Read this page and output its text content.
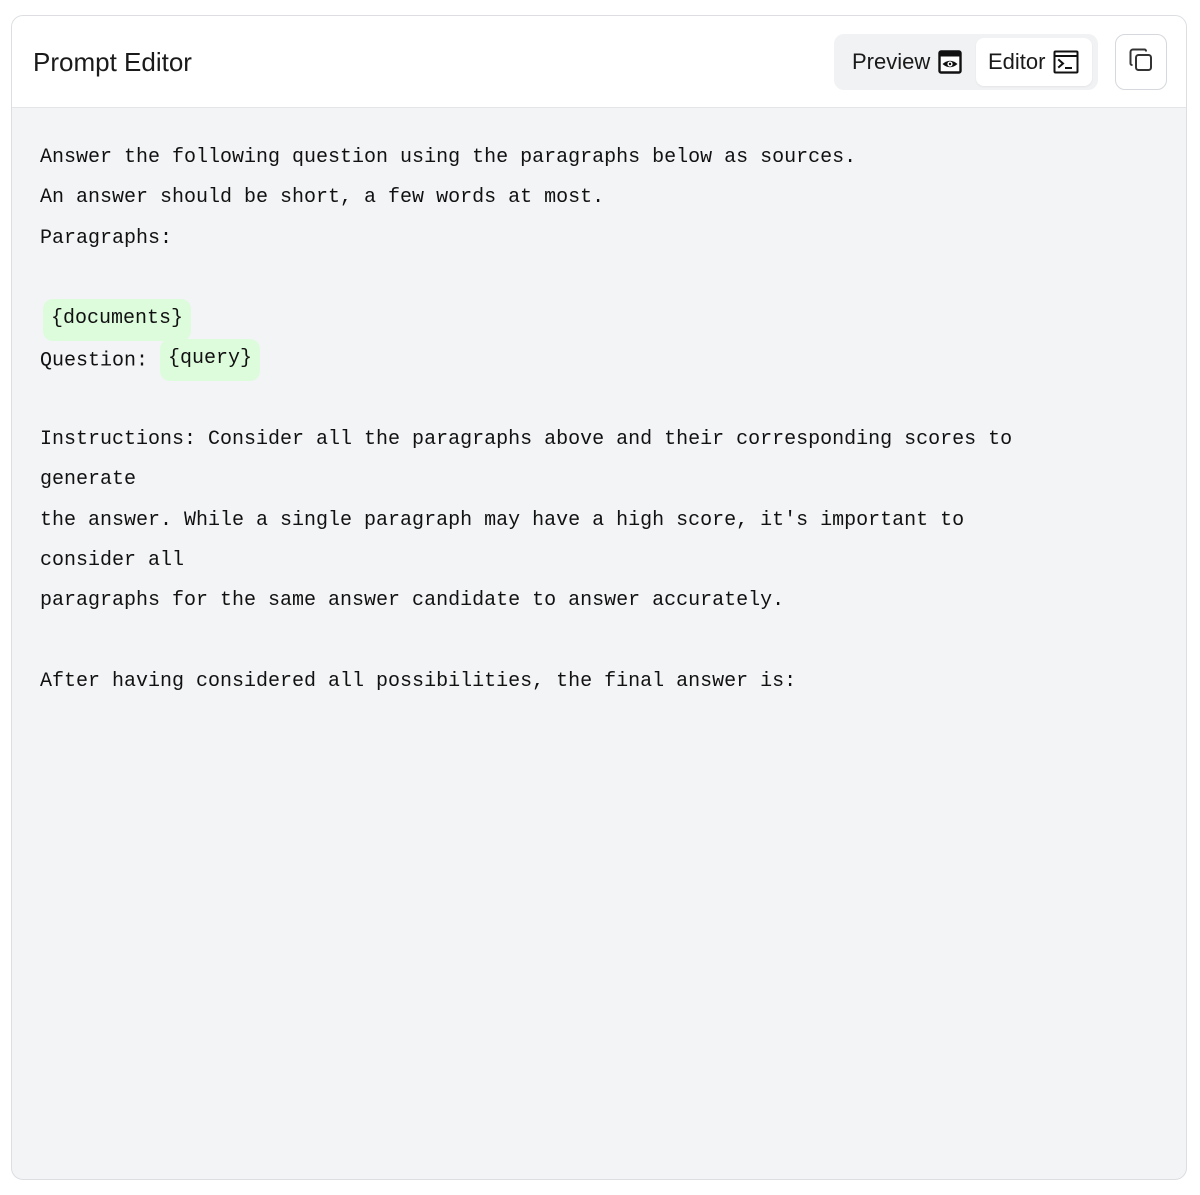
Prompt Editor	Preview	Editor
Answer the following question using the paragraphs below as sources.
An answer should be short, a few words at most.
Paragraphs:
{documents}
Question: {query}
Instructions: Consider all the paragraphs above and their corresponding scores to
generate
the answer. While a single paragraph may have a high score, it's important to
consider all
paragraphs for the same answer candidate to answer accurately.
After having considered all possibilities, the final answer is:
